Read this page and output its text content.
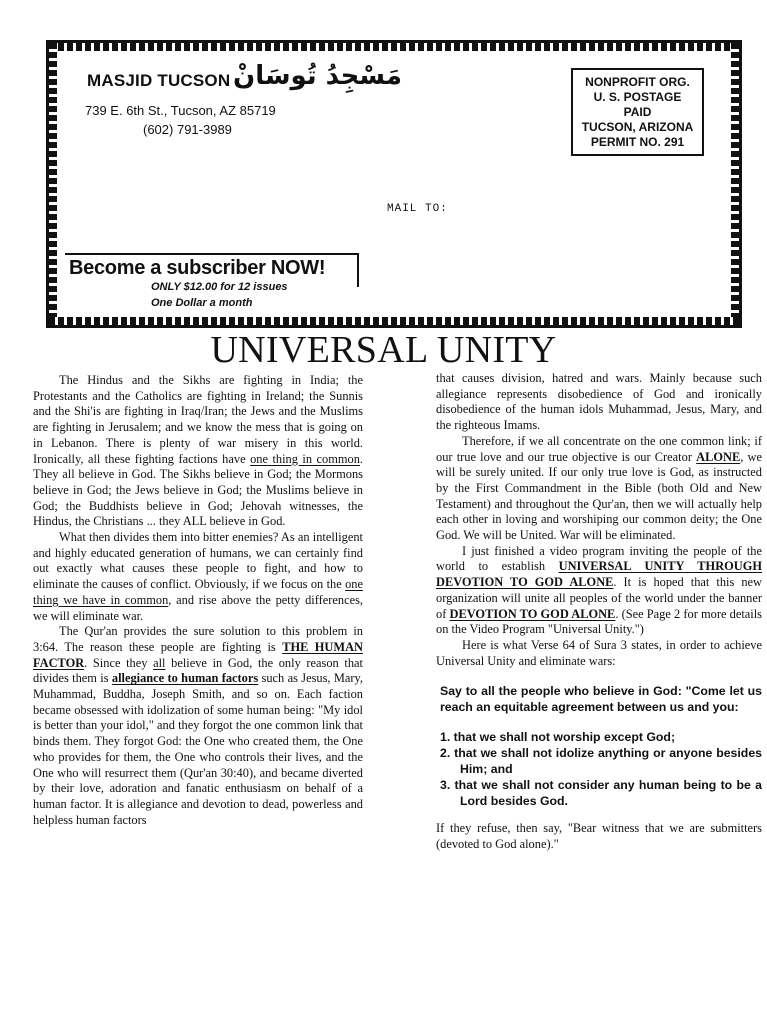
MASJID TUCSON مَسْجِدُ تُوسَانْ
739 E. 6th St., Tucson, AZ 85719
(602) 791-3989
NONPROFIT ORG.
U. S. POSTAGE
PAID
TUCSON, ARIZONA
PERMIT NO. 291
MAIL TO:
Become a subscriber NOW!
ONLY $12.00 for 12 issues
One Dollar a month
UNIVERSAL UNITY

The Hindus and the Sikhs are fighting in India; the Protestants and the Catholics are fighting in Ireland; the Sunnis and the Shi'is are fighting in Iraq/Iran; the Jews and the Muslims are fighting in Jerusalem; and we know the mess that is going on in Lebanon. There is plenty of war misery in this world. Ironically, all these fighting factions have one thing in common. They all believe in God. The Sikhs believe in God; the Mormons believe in God; the Jews believe in God; the Muslims believe in God; the Buddhists believe in God; Jehovah witnesses, the Hindus, the Christians ... they ALL believe in God.

What then divides them into bitter enemies? As an intelligent and highly educated generation of humans, we can certainly find out exactly what causes these people to fight, and how to eliminate the causes of conflict. Obviously, if we focus on the one thing we have in common, and rise above the petty differences, we will eliminate war.

The Qur'an provides the sure solution to this problem in 3:64. The reason these people are fighting is THE HUMAN FACTOR. Since they all believe in God, the only reason that divides them is allegiance to human factors such as Jesus, Mary, Muhammad, Buddha, Joseph Smith, and so on. Each faction became obsessed with idolization of some human being: "My idol is better than your idol," and they forgot the one common link that binds them. They forgot God: the One who created them, the One who provides for them, the One who controls their lives, and the One who will resurrect them (Qur'an 30:40), and became diverted by their love, adoration and fanatic enthusiasm on behalf of a human factor. It is allegiance and devotion to dead, powerless and helpless human factors

that causes division, hatred and wars. Mainly because such allegiance represents disobedience of God and ironically disobedience of the human idols Muhammad, Jesus, Mary, and the righteous Imams.

Therefore, if we all concentrate on the one common link; if our true love and our true objective is our Creator ALONE, we will be surely united. If our only true love is God, as instructed by the First Commandment in the Bible (both Old and New Testament) and throughout the Qur'an, then we will actually help each other in loving and worshiping our common deity; the One God. We will be United. War will be eliminated.

I just finished a video program inviting the people of the world to establish UNIVERSAL UNITY THROUGH DEVOTION TO GOD ALONE. It is hoped that this new organization will unite all peoples of the world under the banner of DEVOTION TO GOD ALONE. (See Page 2 for more details on the Video Program "Universal Unity.")

Here is what Verse 64 of Sura 3 states, in order to achieve Universal Unity and eliminate wars:

Say to all the people who believe in God: "Come let us reach an equitable agreement between us and you:
1. that we shall not worship except God;
2. that we shall not idolize anything or anyone besides Him; and
3. that we shall not consider any human being to be a Lord besides God.
If they refuse, then say, "Bear witness that we are submitters (devoted to God alone)."
